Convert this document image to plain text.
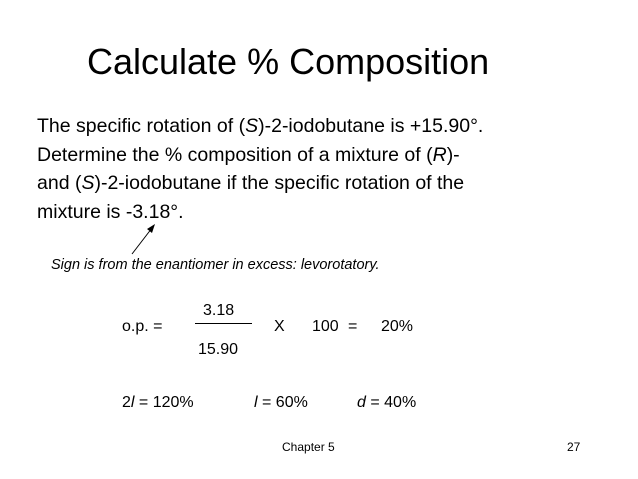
Calculate % Composition

The specific rotation of (S)-2-iodobutane is +15.90°.

Determine the % composition of a mixture of (R)-

and (S)-2-iodobutane if the specific rotation of the

mixture is -3.18°.

Sign is from the enantiomer in excess: levorotatory.
o.p. =
3.18
15.90
X 100 = 20%
2l = 120%	l = 60%	d = 40%
Chapter 5	27
